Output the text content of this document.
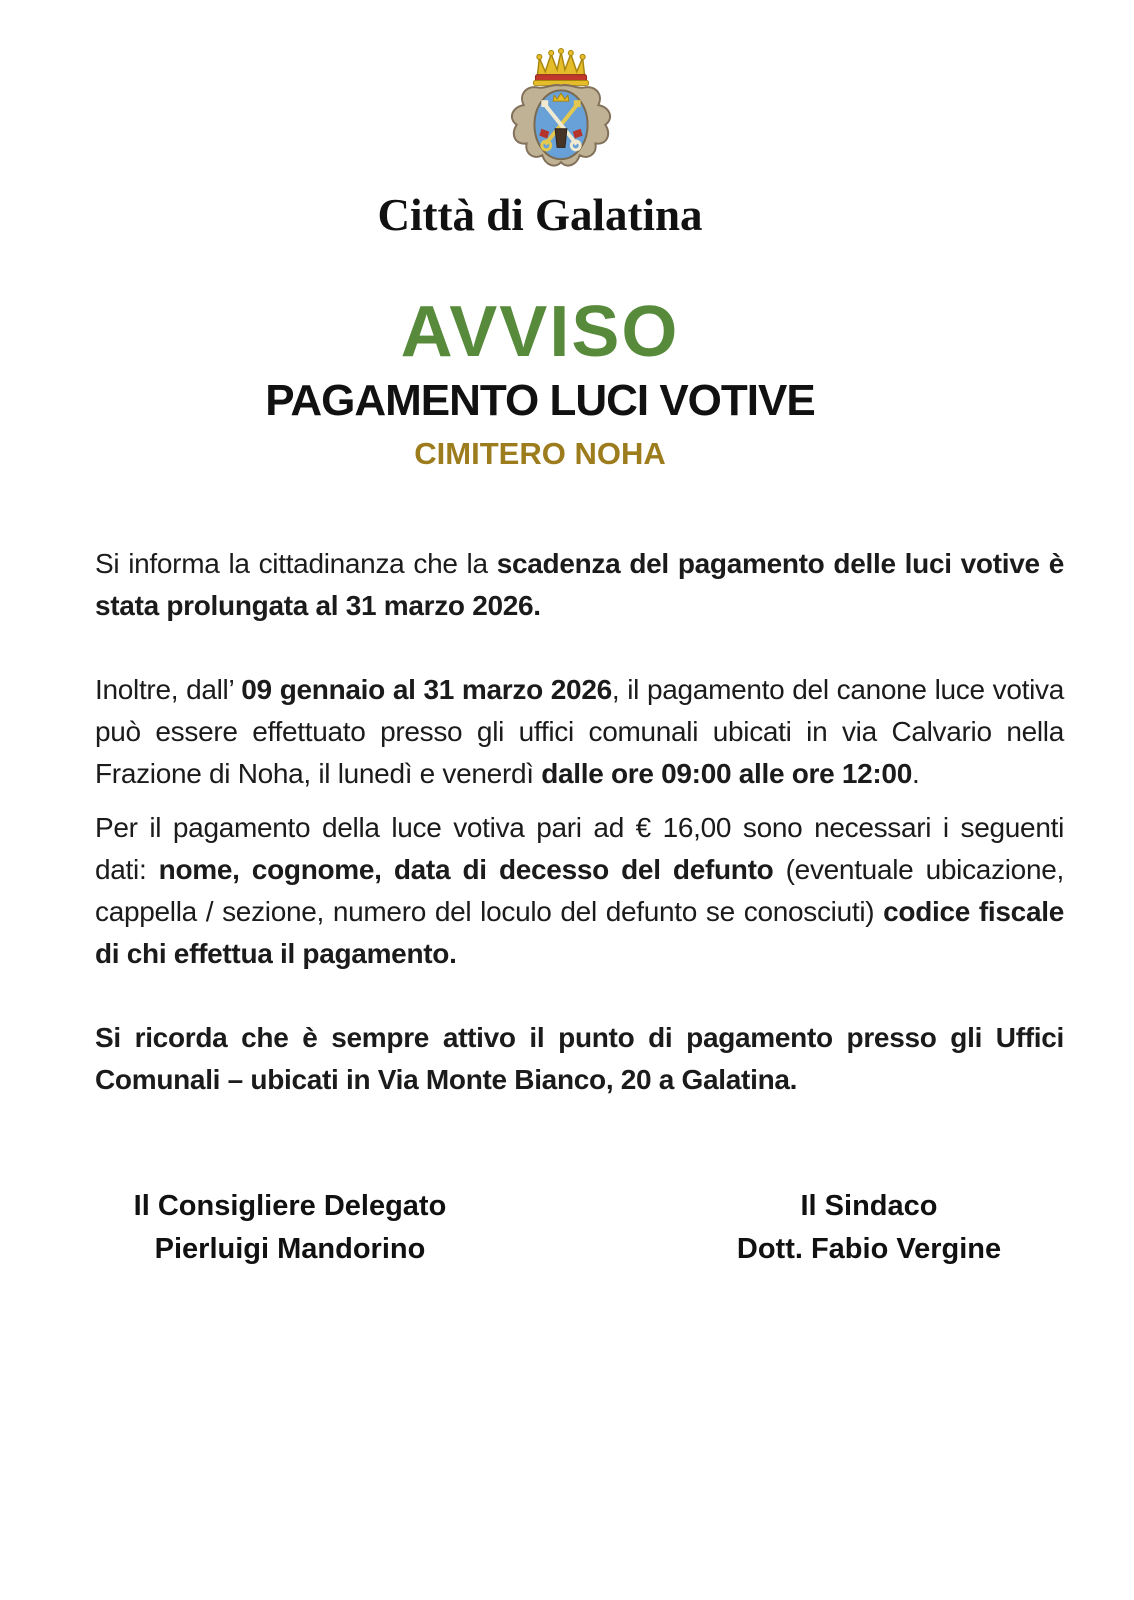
Città di Galatina
AVVISO
PAGAMENTO LUCI VOTIVE
CIMITERO NOHA

Si informa la cittadinanza che la scadenza del pagamento delle luci votive è stata prolungata al 31 marzo 2026.

Inoltre, dall’ 09 gennaio al 31 marzo 2026, il pagamento del canone luce votiva può essere effettuato presso gli uffici comunali ubicati in via Calvario nella Frazione di Noha, il lunedì e venerdì dalle ore 09:00 alle ore 12:00.

Per il pagamento della luce votiva pari ad € 16,00 sono necessari i seguenti dati: nome, cognome, data di decesso del defunto (eventuale ubicazione, cappella / sezione, numero del loculo del defunto se conosciuti) codice fiscale di chi effettua il pagamento.

Si ricorda che è sempre attivo il punto di pagamento presso gli Uffici Comunali – ubicati in Via Monte Bianco, 20 a Galatina.

Il Consigliere Delegato
Pierluigi Mandorino
Il Sindaco
Dott. Fabio Vergine
